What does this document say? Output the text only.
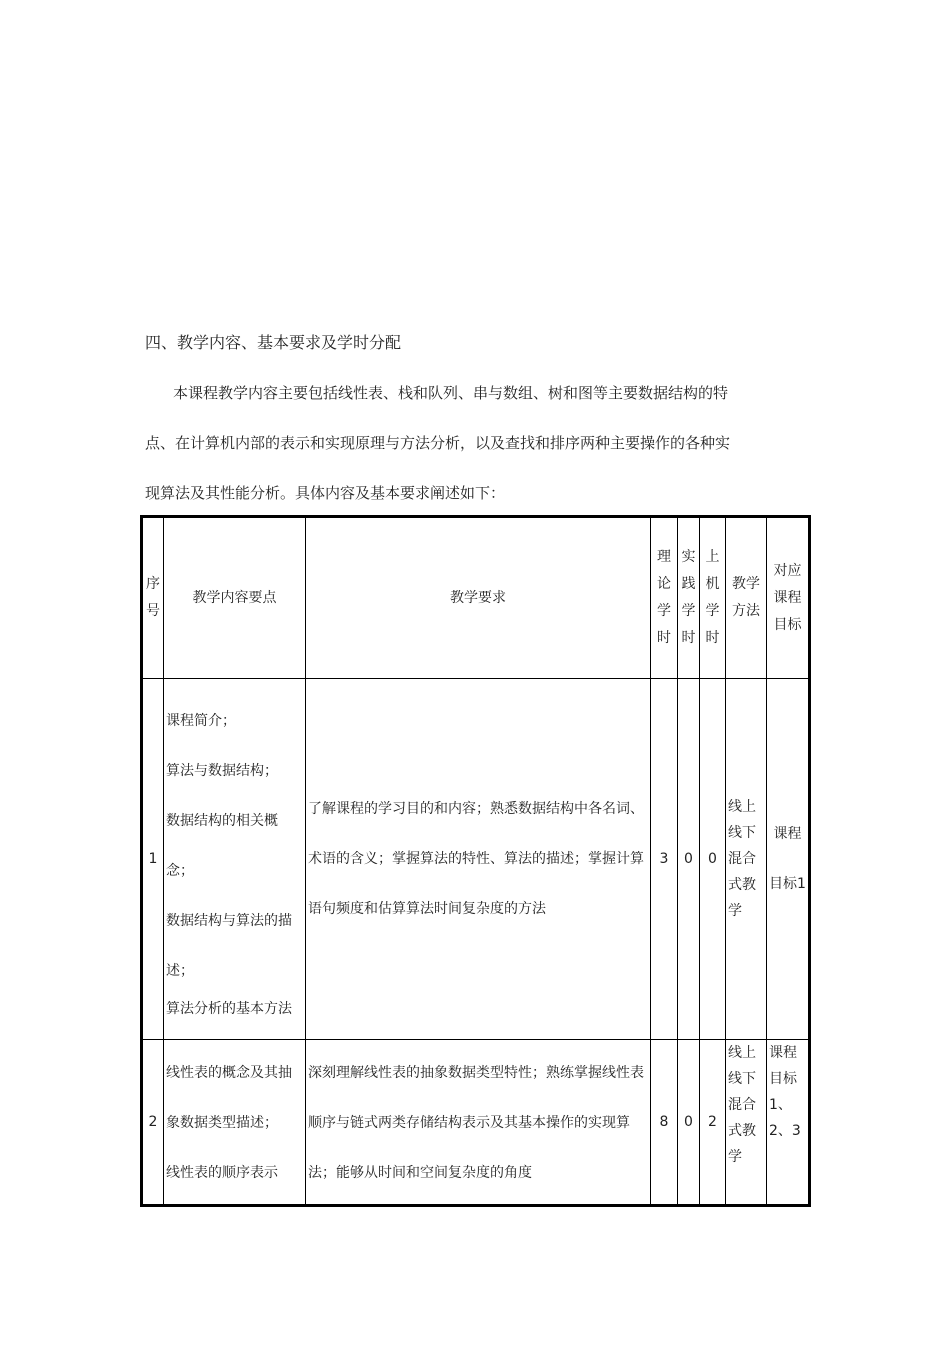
四、教学内容、基本要求及学时分配
本课程教学内容主要包括线性表、栈和队列、串与数组、树和图等主要数据结构的特
点、在计算机内部的表示和实现原理与方法分析，以及查找和排序两种主要操作的各种实
现算法及其性能分析。具体内容及基本要求阐述如下：
序号	教学内容要点	教学要求	理论学时	实践学时	上机学时	教学方法	对应课程目标
1	课程简介；
算法与数据结构；
数据结构的相关概念；
数据结构与算法的描述；
算法分析的基本方法	了解课程的学习目的和内容；熟悉数据结构中各名词、术语的含义；掌握算法的特性、算法的描述；掌握计算语句频度和估算算法时间复杂度的方法	3	0	0	线上线下混合式教学	课程目标1
2	线性表的概念及其抽象数据类型描述；
线性表的顺序表示	深刻理解线性表的抽象数据类型特性；熟练掌握线性表顺序与链式两类存储结构表示及其基本操作的实现算法；能够从时间和空间复杂度的角度	8	0	2	线上线下混合式教学	课程目标1、2、3
